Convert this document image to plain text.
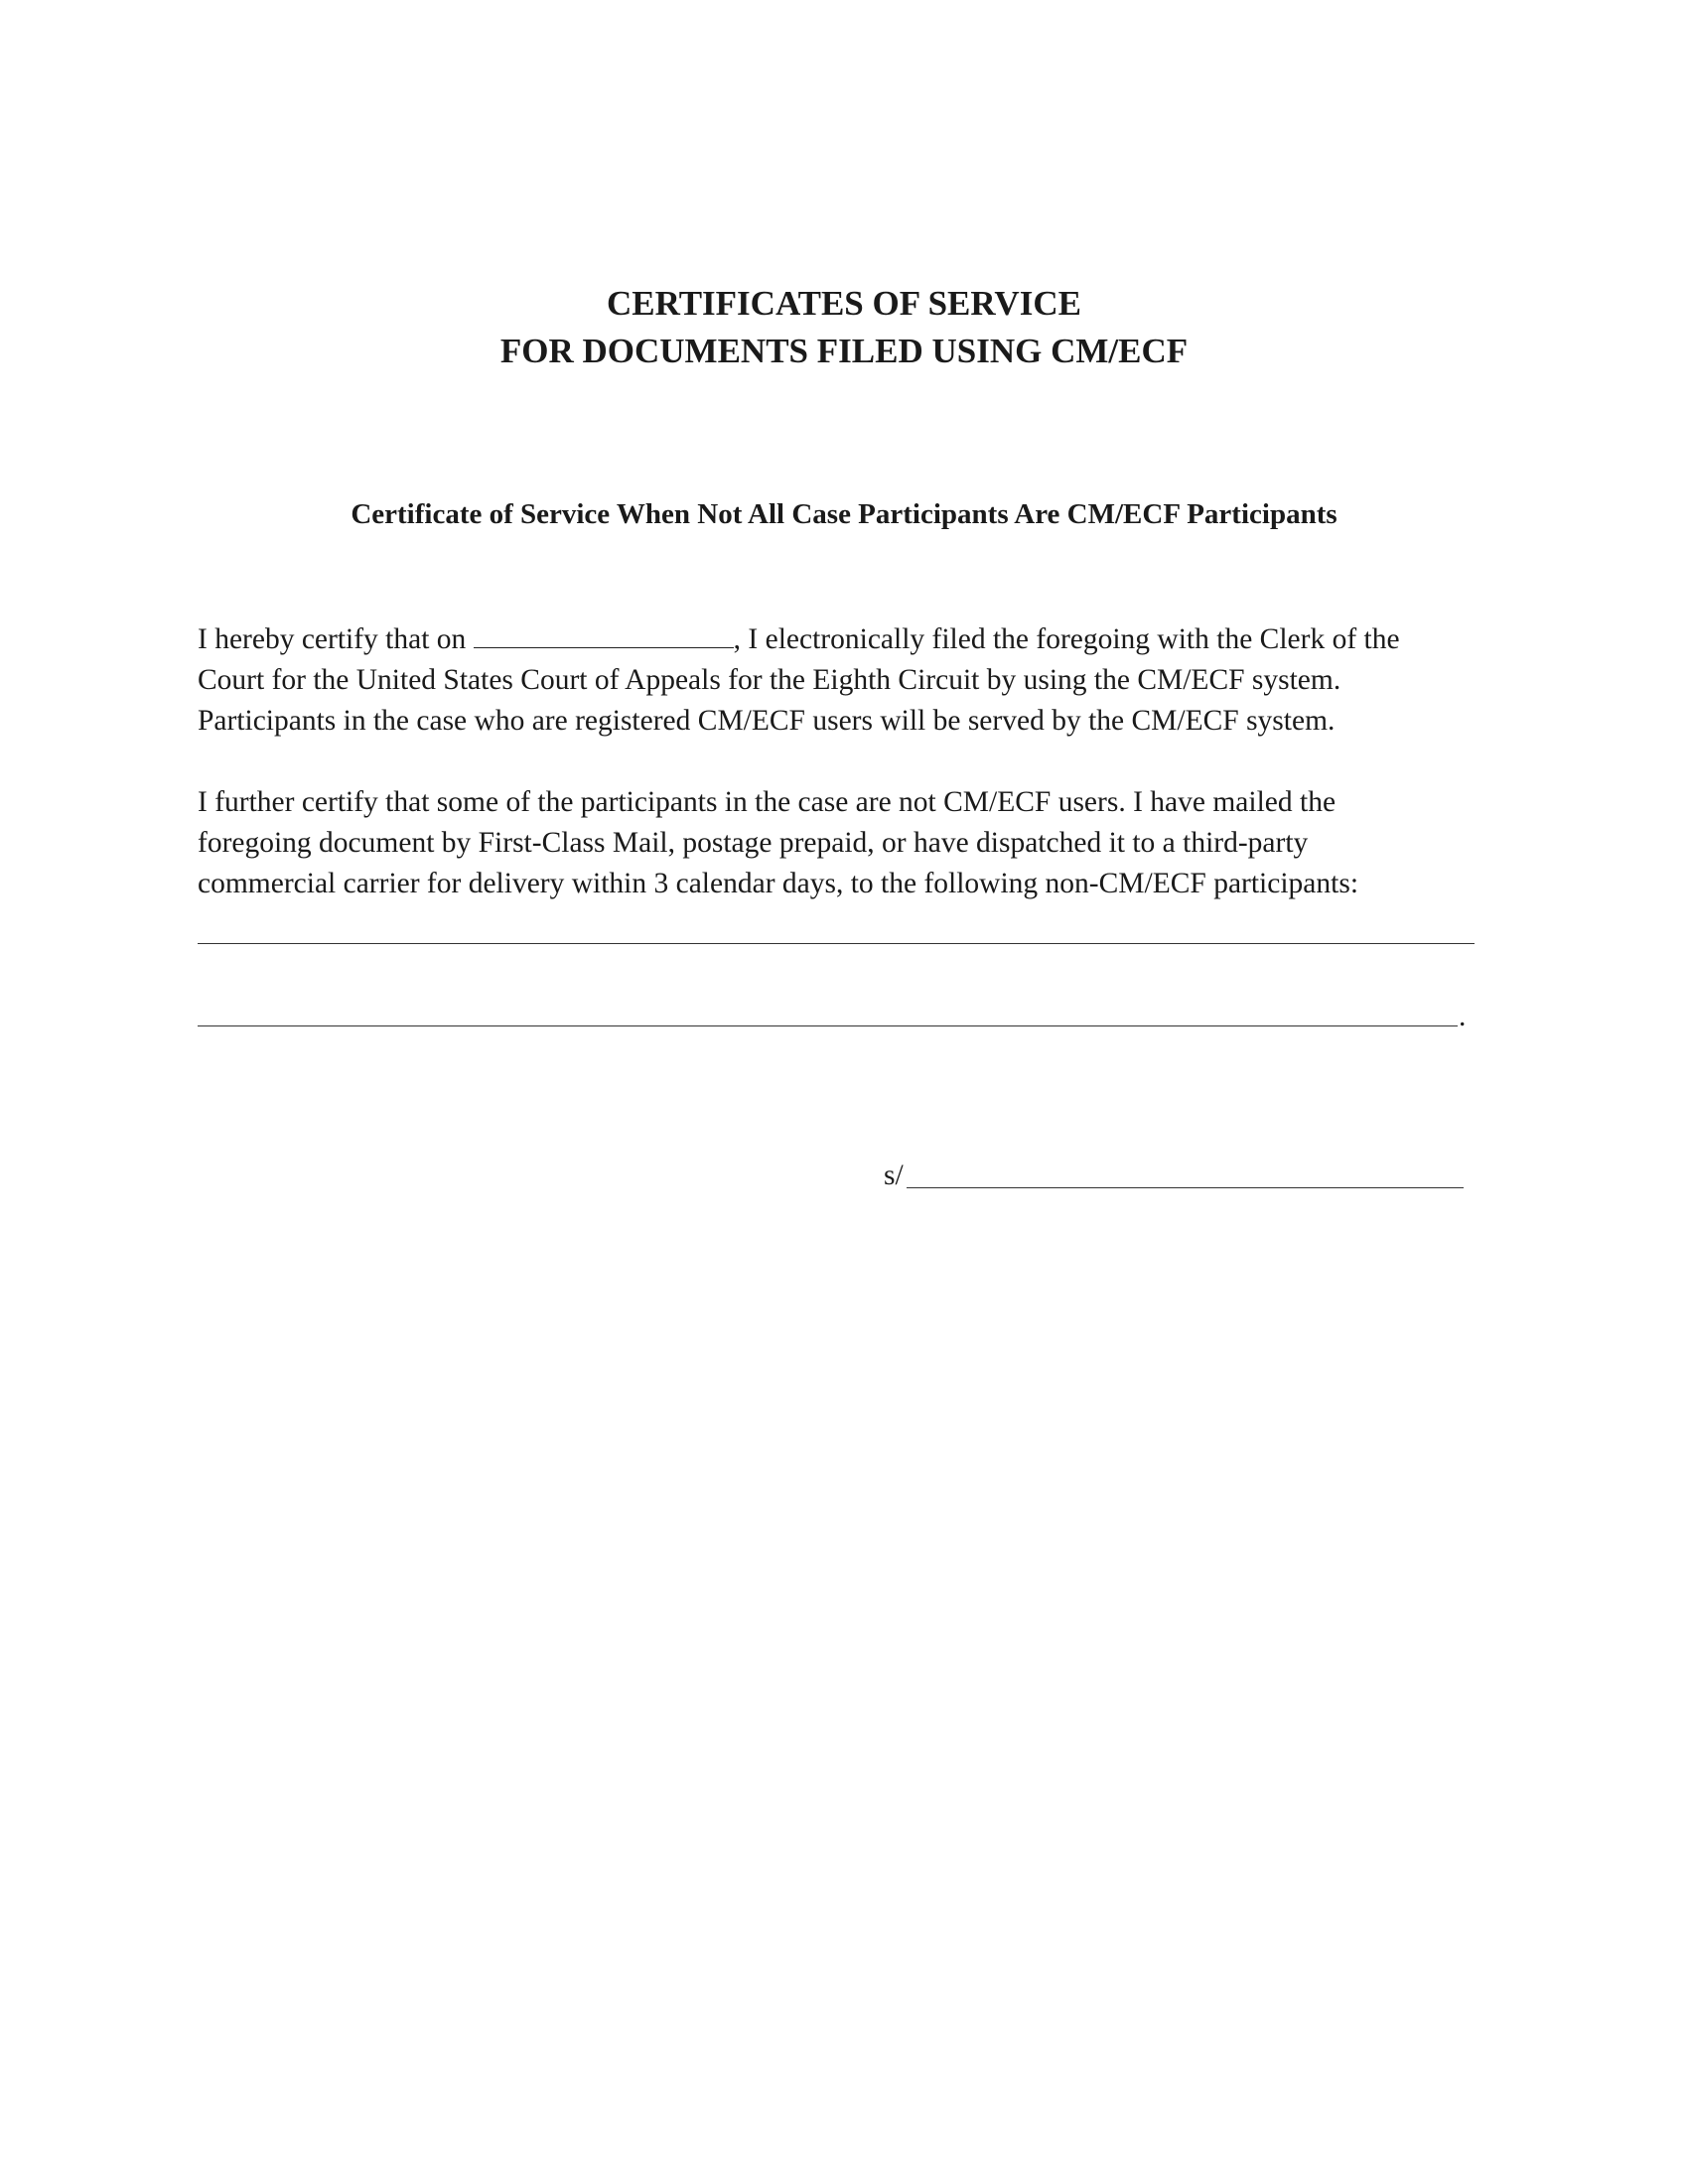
CERTIFICATES OF SERVICE
FOR DOCUMENTS FILED USING CM/ECF
Certificate of Service When Not All Case Participants Are CM/ECF Participants
I hereby certify that on	, I electronically filed the foregoing with the Clerk of the
Court for the United States Court of Appeals for the Eighth Circuit by using the CM/ECF system.
Participants in the case who are registered CM/ECF users will be served by the CM/ECF system.
I further certify that some of the participants in the case are not CM/ECF users. I have mailed the
foregoing document by First-Class Mail, postage prepaid, or have dispatched it to a third-party
commercial carrier for delivery within 3 calendar days, to the following non-CM/ECF participants:
.
s/
